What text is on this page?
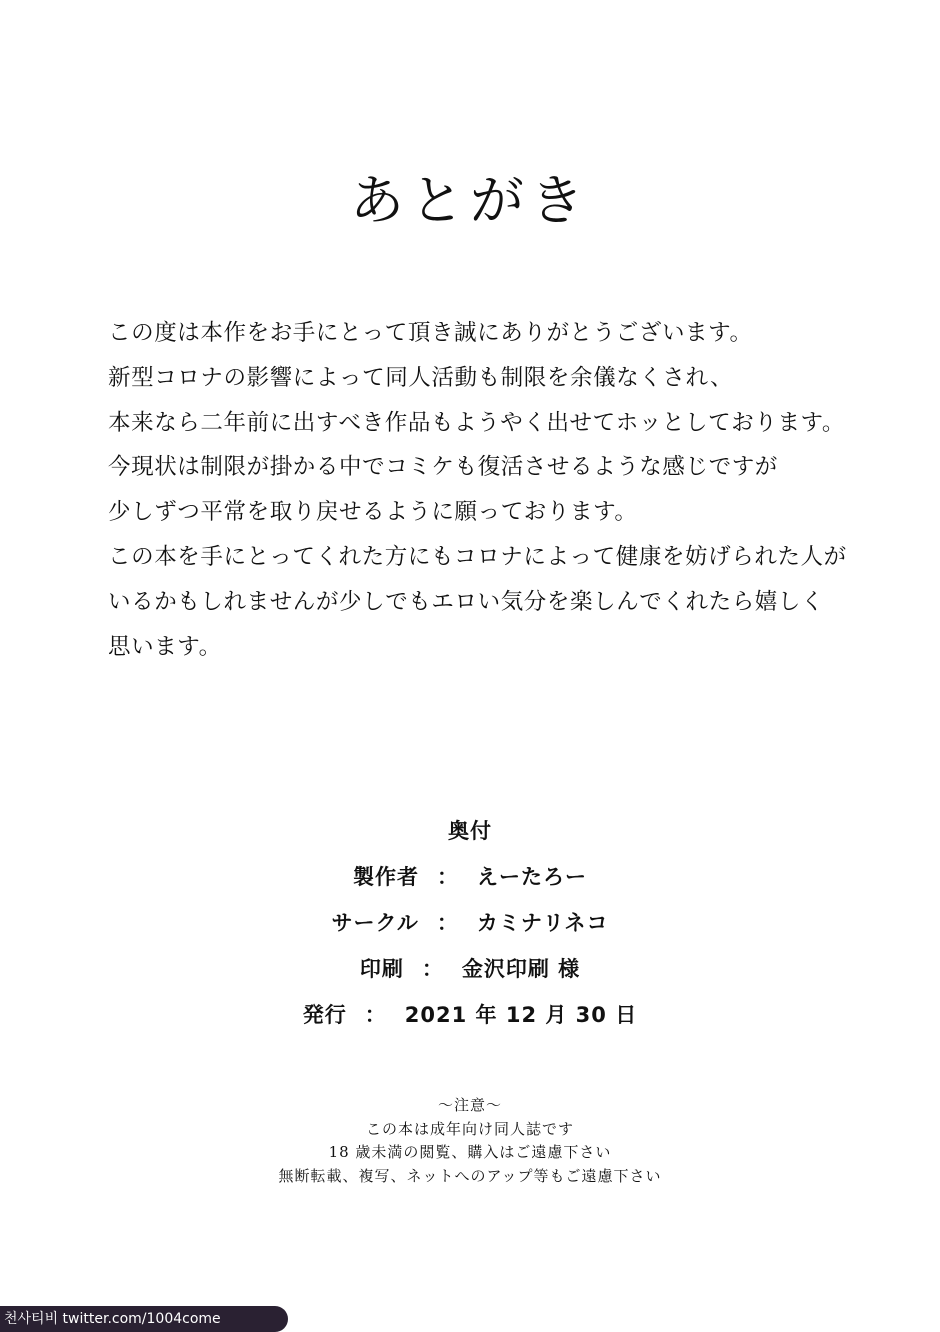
あとがき
この度は本作をお手にとって頂き誠にありがとうございます。
新型コロナの影響によって同人活動も制限を余儀なくされ、
本来なら二年前に出すべき作品もようやく出せてホッとしております。
今現状は制限が掛かる中でコミケも復活させるような感じですが
少しずつ平常を取り戻せるように願っております。
この本を手にとってくれた方にもコロナによって健康を妨げられた人が
いるかもしれませんが少しでもエロい気分を楽しんでくれたら嬉しく
思います。
奥付
製作者 ： えーたろー
サークル ： カミナリネコ
印刷 ： 金沢印刷 様
発行 ： 2021 年 12 月 30 日
〜注意〜
この本は成年向け同人誌です
18 歳未満の閲覧、購入はご遠慮下さい
無断転載、複写、ネットへのアップ等もご遠慮下さい
천사티비 twitter.com/1004come
